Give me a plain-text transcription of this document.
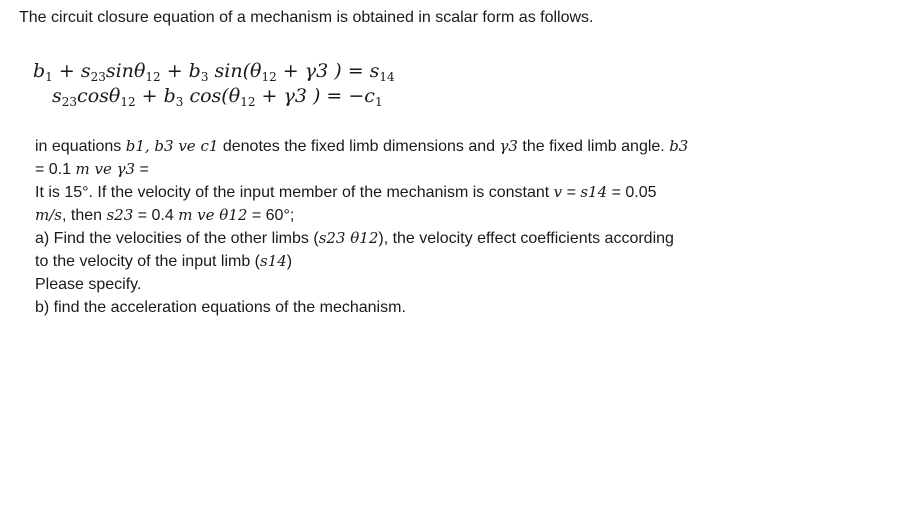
The circuit closure equation of a mechanism is obtained in scalar form as follows.
$b_1 + s_{23}\sin\theta_{12} + b_3$ $\sin(\theta_{12} + \gamma 3$ ) = $s_{14}$
$s_{23}\cos\theta_{12} + b_3$ $\cos(\theta_{12} + \gamma 3$ ) = $-c_1$

in equations b1, b3 ve c1 denotes the fixed limb dimensions and γ3 the fixed limb angle. b3

= 0.1 m ve γ3 =

It is 15°. If the velocity of the input member of the mechanism is constant v = s14 = 0.05

m/s, then s23 = 0.4 m ve θ12 = 60°;

a) Find the velocities of the other limbs (s23 θ12), the velocity effect coefficients according

to the velocity of the input limb (s14)

Please specify.

b) find the acceleration equations of the mechanism.
